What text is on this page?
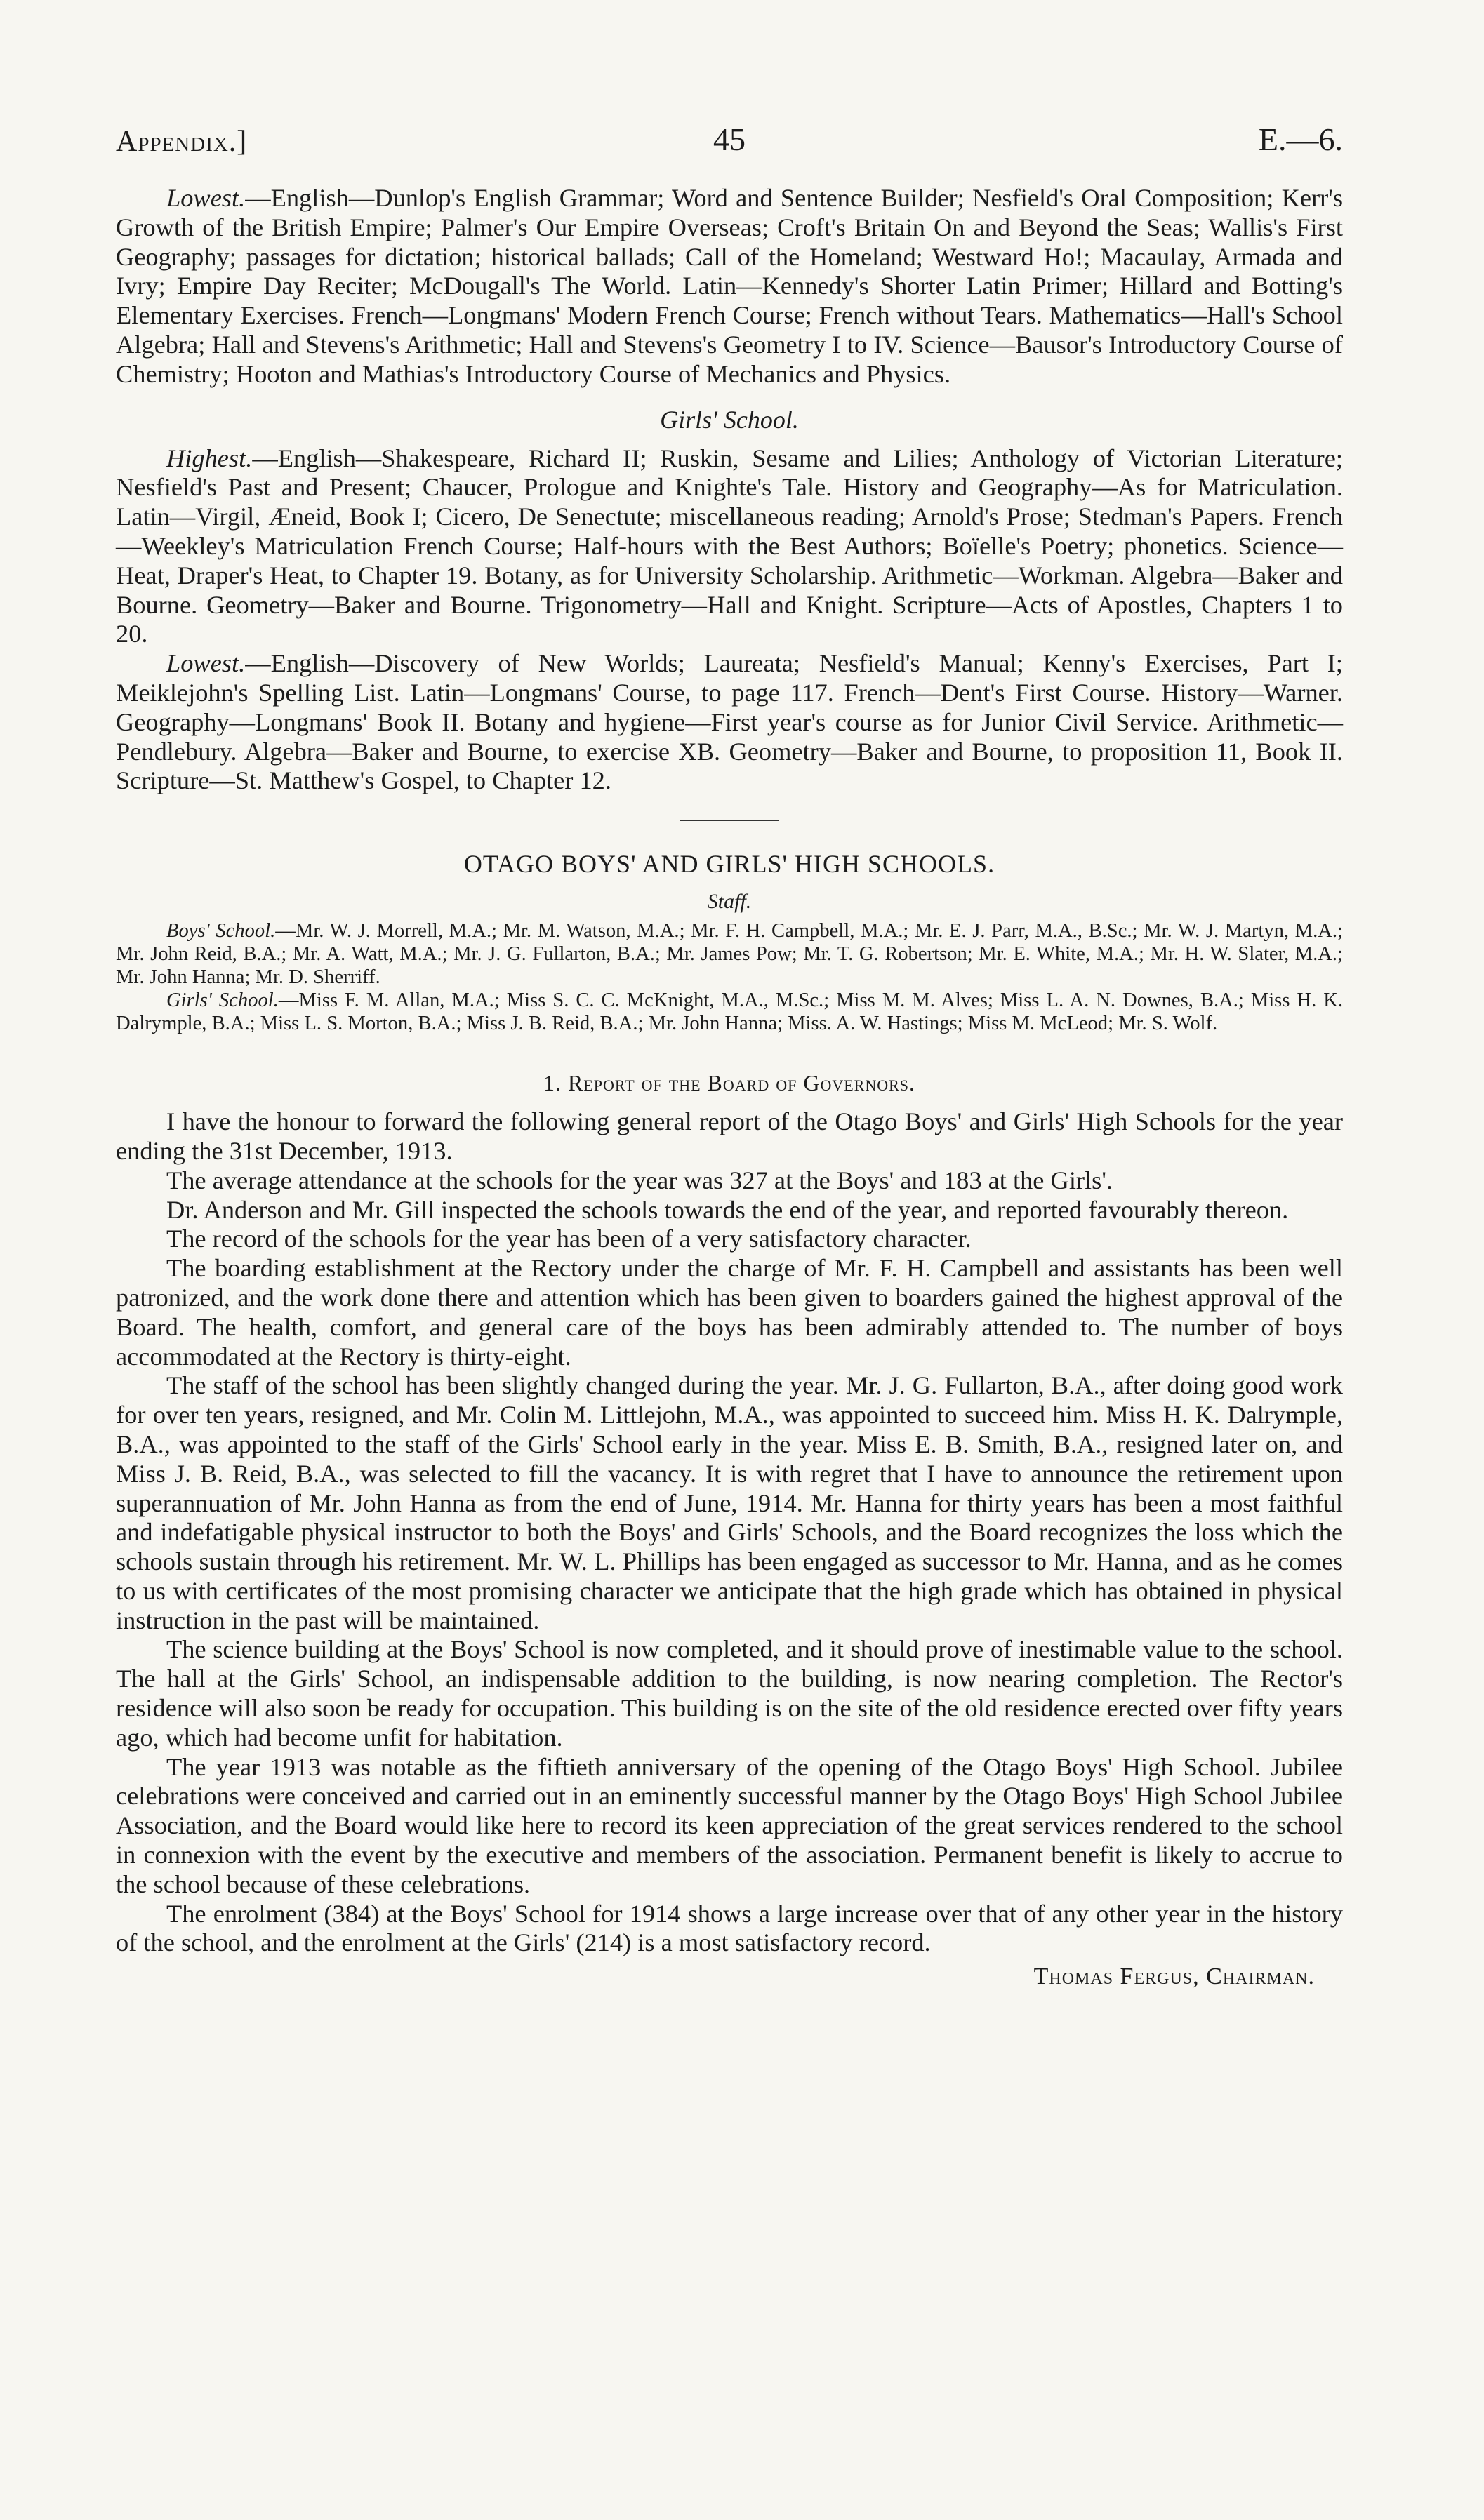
Appendix.]	45	E.—6.

Lowest.—English—Dunlop's English Grammar; Word and Sentence Builder; Nesfield's Oral Composition; Kerr's Growth of the British Empire; Palmer's Our Empire Overseas; Croft's Britain On and Beyond the Seas; Wallis's First Geography; passages for dictation; historical ballads; Call of the Homeland; Westward Ho!; Macaulay, Armada and Ivry; Empire Day Reciter; McDougall's The World. Latin—Kennedy's Shorter Latin Primer; Hillard and Botting's Elementary Exercises. French—Longmans' Modern French Course; French without Tears. Mathematics—Hall's School Algebra; Hall and Stevens's Arithmetic; Hall and Stevens's Geometry I to IV. Science—Bausor's Introductory Course of Chemistry; Hooton and Mathias's Introductory Course of Mechanics and Physics.

Girls' School.

Highest.—English—Shakespeare, Richard II; Ruskin, Sesame and Lilies; Anthology of Victorian Literature; Nesfield's Past and Present; Chaucer, Prologue and Knighte's Tale. History and Geography—As for Matriculation. Latin—Virgil, Æneid, Book I; Cicero, De Senectute; miscellaneous reading; Arnold's Prose; Stedman's Papers. French—Weekley's Matriculation French Course; Half-hours with the Best Authors; Boïelle's Poetry; phonetics. Science—Heat, Draper's Heat, to Chapter 19. Botany, as for University Scholarship. Arithmetic—Workman. Algebra—Baker and Bourne. Geometry—Baker and Bourne. Trigonometry—Hall and Knight. Scripture—Acts of Apostles, Chapters 1 to 20.

Lowest.—English—Discovery of New Worlds; Laureata; Nesfield's Manual; Kenny's Exercises, Part I; Meiklejohn's Spelling List. Latin—Longmans' Course, to page 117. French—Dent's First Course. History—Warner. Geography—Longmans' Book II. Botany and hygiene—First year's course as for Junior Civil Service. Arithmetic—Pendlebury. Algebra—Baker and Bourne, to exercise XB. Geometry—Baker and Bourne, to proposition 11, Book II. Scripture—St. Matthew's Gospel, to Chapter 12.

OTAGO BOYS' AND GIRLS' HIGH SCHOOLS.
Staff.

Boys' School.—Mr. W. J. Morrell, M.A.; Mr. M. Watson, M.A.; Mr. F. H. Campbell, M.A.; Mr. E. J. Parr, M.A., B.Sc.; Mr. W. J. Martyn, M.A.; Mr. John Reid, B.A.; Mr. A. Watt, M.A.; Mr. J. G. Fullarton, B.A.; Mr. James Pow; Mr. T. G. Robertson; Mr. E. White, M.A.; Mr. H. W. Slater, M.A.; Mr. John Hanna; Mr. D. Sherriff.

Girls' School.—Miss F. M. Allan, M.A.; Miss S. C. C. McKnight, M.A., M.Sc.; Miss M. M. Alves; Miss L. A. N. Downes, B.A.; Miss H. K. Dalrymple, B.A.; Miss L. S. Morton, B.A.; Miss J. B. Reid, B.A.; Mr. John Hanna; Miss. A. W. Hastings; Miss M. McLeod; Mr. S. Wolf.

1. Report of the Board of Governors.

I have the honour to forward the following general report of the Otago Boys' and Girls' High Schools for the year ending the 31st December, 1913.

The average attendance at the schools for the year was 327 at the Boys' and 183 at the Girls'.

Dr. Anderson and Mr. Gill inspected the schools towards the end of the year, and reported favourably thereon.

The record of the schools for the year has been of a very satisfactory character.

The boarding establishment at the Rectory under the charge of Mr. F. H. Campbell and assistants has been well patronized, and the work done there and attention which has been given to boarders gained the highest approval of the Board. The health, comfort, and general care of the boys has been admirably attended to. The number of boys accommodated at the Rectory is thirty-eight.

The staff of the school has been slightly changed during the year. Mr. J. G. Fullarton, B.A., after doing good work for over ten years, resigned, and Mr. Colin M. Littlejohn, M.A., was appointed to succeed him. Miss H. K. Dalrymple, B.A., was appointed to the staff of the Girls' School early in the year. Miss E. B. Smith, B.A., resigned later on, and Miss J. B. Reid, B.A., was selected to fill the vacancy. It is with regret that I have to announce the retirement upon superannuation of Mr. John Hanna as from the end of June, 1914. Mr. Hanna for thirty years has been a most faithful and indefatigable physical instructor to both the Boys' and Girls' Schools, and the Board recognizes the loss which the schools sustain through his retirement. Mr. W. L. Phillips has been engaged as successor to Mr. Hanna, and as he comes to us with certificates of the most promising character we anticipate that the high grade which has obtained in physical instruction in the past will be maintained.

The science building at the Boys' School is now completed, and it should prove of inestimable value to the school. The hall at the Girls' School, an indispensable addition to the building, is now nearing completion. The Rector's residence will also soon be ready for occupation. This building is on the site of the old residence erected over fifty years ago, which had become unfit for habitation.

The year 1913 was notable as the fiftieth anniversary of the opening of the Otago Boys' High School. Jubilee celebrations were conceived and carried out in an eminently successful manner by the Otago Boys' High School Jubilee Association, and the Board would like here to record its keen appreciation of the great services rendered to the school in connexion with the event by the executive and members of the association. Permanent benefit is likely to accrue to the school because of these celebrations.

The enrolment (384) at the Boys' School for 1914 shows a large increase over that of any other year in the history of the school, and the enrolment at the Girls' (214) is a most satisfactory record.

Thomas Fergus, Chairman.
